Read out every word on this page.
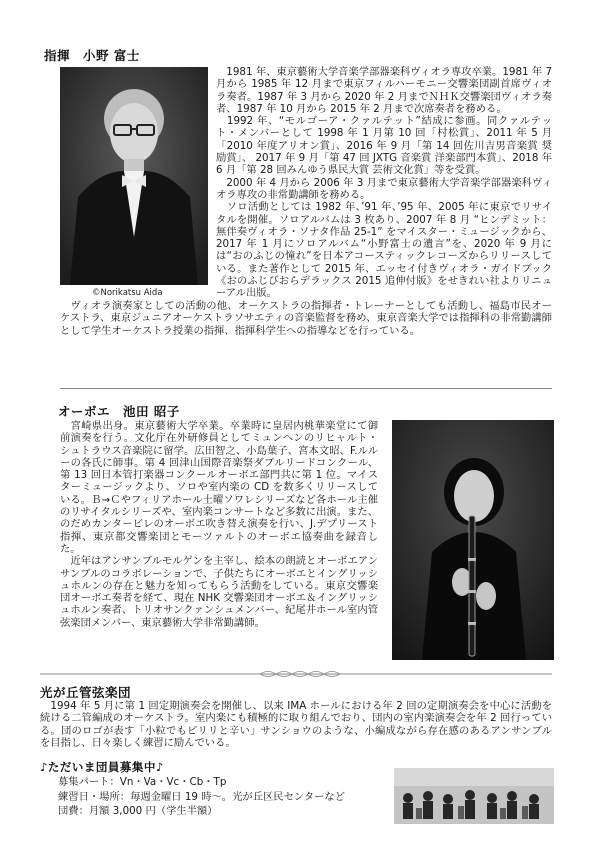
指揮　小野 富士
©Norikatsu Aida

　1981 年、東京藝術大学音楽学部器楽科ヴィオラ専攻卒業。1981 年 7 月から 1985 年 12 月まで東京フィルハーモニー交響楽団副首席ヴィオラ奏者。1987 年 3 月から 2020 年 2 月までＮＨＫ交響楽団ヴィオラ奏者、1987 年 10 月から 2015 年 2 月まで次席奏者を務める。

　1992 年、“モルゴーア・クァルテット”結成に参画。同クァルテット・メンバーとして 1998 年 1 月第 10 回「村松賞」、2011 年 5 月「2010 年度アリオン賞」、2016 年 9 月「第 14 回佐川吉男音楽賞 奨励賞」、 2017 年 9 月「第 47 回 JXTG 音楽賞 洋楽部門本賞」、2018 年 6 月「第 28 回みんゆう県民大賞 芸術文化賞」等を受賞。

　2000 年 4 月から 2006 年 3 月まで東京藝術大学音楽学部器楽科ヴィオラ専攻の非常勤講師を務める。

　ソロ活動としては 1982 年、’91 年、’95 年、2005 年に東京でリサイタルを開催。ソロアルバムは 3 枚あり、2007 年 8 月 “ヒンデミット：無伴奏ヴィオラ・ソナタ作品 25-1” をマイスター・ミュージックから、2017 年 1 月にソロアルバム“小野富士の遺言”を、2020 年 9 月には“おのふじの憧れ”を日本アコースティックレコーズからリリースしている。また著作として 2015 年、エッセイ付きヴィオラ・ガイドブック《おのふじびおらデラックス 2015 追伸付版》をせきれい社よりリニューアル出版。

　ヴィオラ演奏家としての活動の他、オーケストラの指揮者・トレーナーとしても活動し、福島市民オーケストラ、東京ジュニアオーケストラソサエティの音楽監督を務め、東京音楽大学では指揮科の非常勤講師として学生オーケストラ授業の指揮、指揮科学生への指導などを行っている。

オーボエ　池田 昭子

　宮崎県出身。東京藝術大学卒業。卒業時に皇居内桃華楽堂にて御前演奏を行う。文化庁在外研修員としてミュンヘンのリヒャルト・シュトラウス音楽院に留学。広田智之、小島葉子、宮本文昭、F.ルルーの各氏に師事。第 4 回津山国際音楽祭ダブルリードコンクール、第 13 回日本管打楽器コンクールオーボエ部門共に第 1 位。マイスターミュージックより、ソロや室内楽の CD を数多くリリースしている。Ｂ→Ｃやフィリアホール土曜ソワレシリーズなど各ホール主催のリサイタルシリーズや、室内楽コンサートなど多数に出演。また、のだめカンタービレのオーボエ吹き替え演奏を行い、J.デプリースト指揮、東京都交響楽団とモーツァルトのオーボエ協奏曲を録音した。

　近年はアンサンブルモルゲンを主宰し、絵本の朗読とオーボエアンサンブルのコラボレーションで、子供たちにオーボエとイングリッシュホルンの存在と魅力を知ってもらう活動をしている。東京交響楽団オーボエ奏者を経て、現在 NHK 交響楽団オーボエ＆イングリッシュホルン奏者、トリオサンクァンシュメンバー、紀尾井ホール室内管弦楽団メンバー、東京藝術大学非常勤講師。

光が丘管弦楽団

　1994 年 5 月に第 1 回定期演奏会を開催し、以来 IMA ホールにおける年 2 回の定期演奏会を中心に活動を続ける二管編成のオーケストラ。室内楽にも積極的に取り組んでおり、団内の室内楽演奏会を年 2 回行っている。団のロゴが表す「小粒でもピリリと辛い」サンショウのような、小編成ながら存在感のあるアンサンブルを目指し、日々楽しく練習に励んでいる。

♪ただいま団員募集中♪

募集パート：Vn・Va・Vc・Cb・Tp

練習日・場所：毎週金曜日 19 時〜。光が丘区民センターなど

団費：月額 3,000 円（学生半額）
